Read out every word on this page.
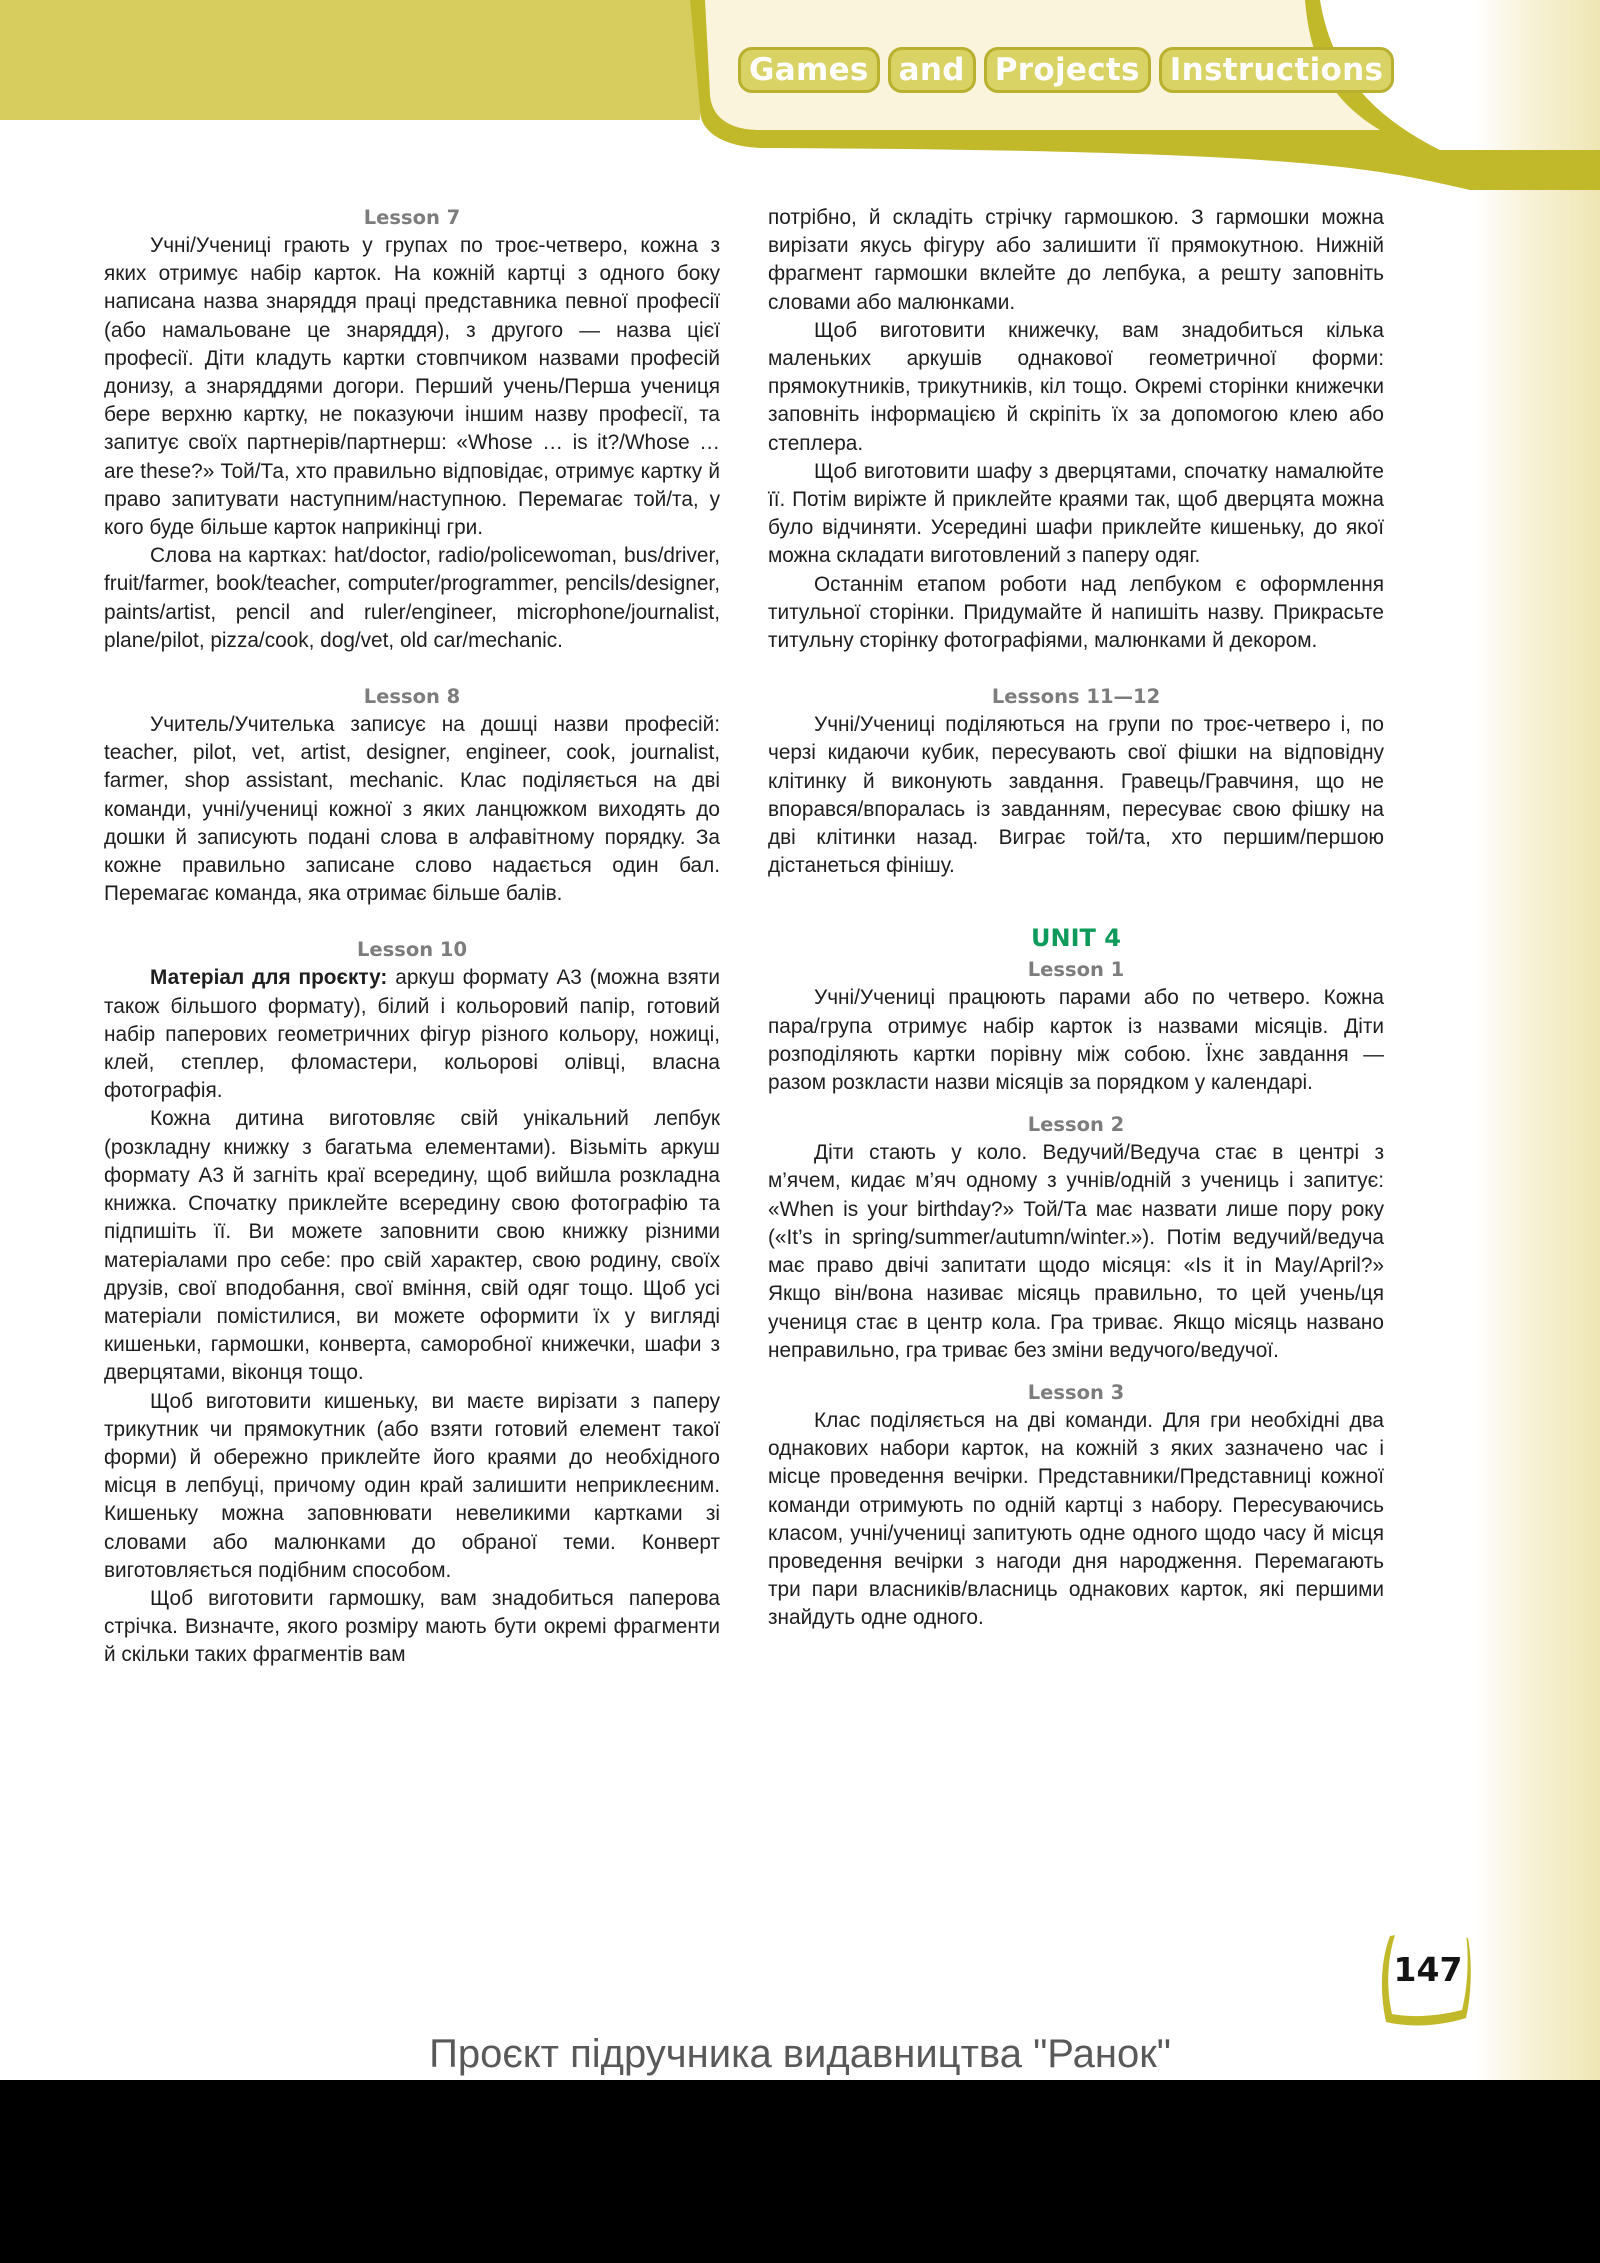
Games and Projects Instructions
Lesson 7

Учні/Учениці грають у групах по троє-четверо, кожна з яких отримує набір карток. На кожній картці з одного боку написана назва знаряддя праці представника певної професії (або намальоване це знаряддя), з другого — назва цієї професії. Діти кладуть картки стовпчиком назвами професій донизу, а знаряддями догори. Перший учень/Перша учениця бере верхню картку, не показуючи іншим назву професії, та запитує своїх партнерів/партнерш: «Whose … is it?/Whose … are these?» Той/Та, хто правильно відповідає, отримує картку й право запитувати наступним/наступною. Перемагає той/та, у кого буде більше карток наприкінці гри.

Слова на картках: hat/doctor, radio/policewoman, bus/driver, fruit/farmer, book/teacher, computer/programmer, pencils/designer, paints/artist, pencil and ruler/engineer, microphone/journalist, plane/pilot, pizza/cook, dog/vet, old car/mechanic.

Lesson 8

Учитель/Учителька записує на дошці назви професій: teacher, pilot, vet, artist, designer, engineer, cook, journalist, farmer, shop assistant, mechanic. Клас поділяється на дві команди, учні/учениці кожної з яких ланцюжком виходять до дошки й записують подані слова в алфавітному порядку. За кожне правильно записане слово надається один бал. Перемагає команда, яка отримає більше балів.

Lesson 10

Матеріал для проєкту: аркуш формату А3 (можна взяти також більшого формату), білий і кольоровий папір, готовий набір паперових геометричних фігур різного кольору, ножиці, клей, степлер, фломастери, кольорові олівці, власна фотографія.

Кожна дитина виготовляє свій унікальний лепбук (розкладну книжку з багатьма елементами). Візьміть аркуш формату А3 й загніть краї всередину, щоб вийшла розкладна книжка. Спочатку приклейте всередину свою фотографію та підпишіть її. Ви можете заповнити свою книжку різними матеріалами про себе: про свій характер, свою родину, своїх друзів, свої вподобання, свої вміння, свій одяг тощо. Щоб усі матеріали помістилися, ви можете оформити їх у вигляді кишеньки, гармошки, конверта, саморобної книжечки, шафи з дверцятами, віконця тощо.

Щоб виготовити кишеньку, ви маєте вирізати з паперу трикутник чи прямокутник (або взяти готовий елемент такої форми) й обережно приклейте його краями до необхідного місця в лепбуці, причому один край залишити неприклеєним. Кишеньку можна заповнювати невеликими картками зі словами або малюнками до обраної теми. Конверт виготовляється подібним способом.

Щоб виготовити гармошку, вам знадобиться паперова стрічка. Визначте, якого розміру мають бути окремі фрагменти й скільки таких фрагментів вам

потрібно, й складіть стрічку гармошкою. З гармошки можна вирізати якусь фігуру або залишити її прямокутною. Нижній фрагмент гармошки вклейте до лепбука, а решту заповніть словами або малюнками.

Щоб виготовити книжечку, вам знадобиться кілька маленьких аркушів однакової геометричної форми: прямокутників, трикутників, кіл тощо. Окремі сторінки книжечки заповніть інформацією й скріпіть їх за допомогою клею або степлера.

Щоб виготовити шафу з дверцятами, спочатку намалюйте її. Потім виріжте й приклейте краями так, щоб дверцята можна було відчиняти. Усередині шафи приклейте кишеньку, до якої можна складати виготовлений з паперу одяг.

Останнім етапом роботи над лепбуком є оформлення титульної сторінки. Придумайте й напишіть назву. Прикрасьте титульну сторінку фотографіями, малюнками й декором.

Lessons 11—12

Учні/Учениці поділяються на групи по троє-четверо і, по черзі кидаючи кубик, пересувають свої фішки на відповідну клітинку й виконують завдання. Гравець/Гравчиня, що не впорався/впоралась із завданням, пересуває свою фішку на дві клітинки назад. Виграє той/та, хто першим/першою дістанеться фінішу.

UNIT 4
Lesson 1

Учні/Учениці працюють парами або по четверо. Кожна пара/група отримує набір карток із назвами місяців. Діти розподіляють картки порівну між собою. Їхнє завдання — разом розкласти назви місяців за порядком у календарі.

Lesson 2

Діти стають у коло. Ведучий/Ведуча стає в центрі з м’ячем, кидає м’яч одному з учнів/одній з учениць і запитує: «When is your birthday?» Той/Та має назвати лише пору року («It’s in spring/summer/autumn/winter.»). Потім ведучий/ведуча має право двічі запитати щодо місяця: «Is it in May/April?» Якщо він/вона називає місяць правильно, то цей учень/ця учениця стає в центр кола. Гра триває. Якщо місяць названо неправильно, гра триває без зміни ведучого/ведучої.

Lesson 3

Клас поділяється на дві команди. Для гри необхідні два однакових набори карток, на кожній з яких зазначено час і місце проведення вечірки. Представники/Представниці кожної команди отримують по одній картці з набору. Пересуваючись класом, учні/учениці запитують одне одного щодо часу й місця проведення вечірки з нагоди дня народження. Перемагають три пари власників/власниць однакових карток, які першими знайдуть одне одного.

147
Проєкт підручника видавництва "Ранок"
